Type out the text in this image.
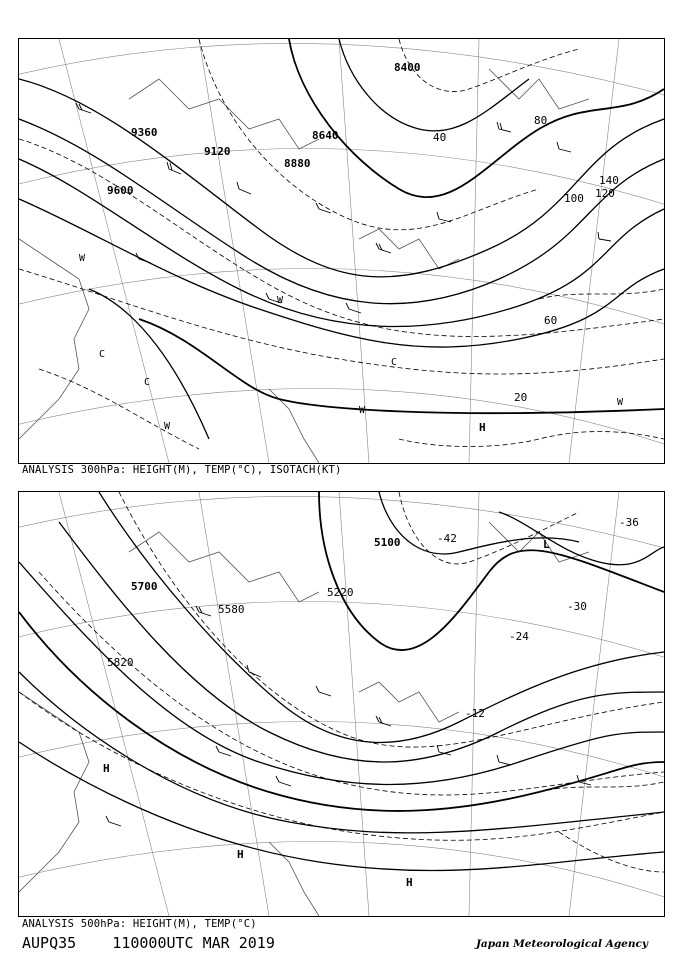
8400
8640
8880
9120
9360
9600
40
60
80
100 120
140
20
H
W
W
W
W
W
C
C
C
ANALYSIS 300hPa: HEIGHT(M), TEMP(°C), ISOTACH(KT)
5100
5700	5220
5580
5820
-42
-36
-30
-24
-12
L
H
H
H
ANALYSIS 500hPa: HEIGHT(M), TEMP(°C)
AUPQ35 110000UTC MAR 2019	Japan Meteorological Agency
